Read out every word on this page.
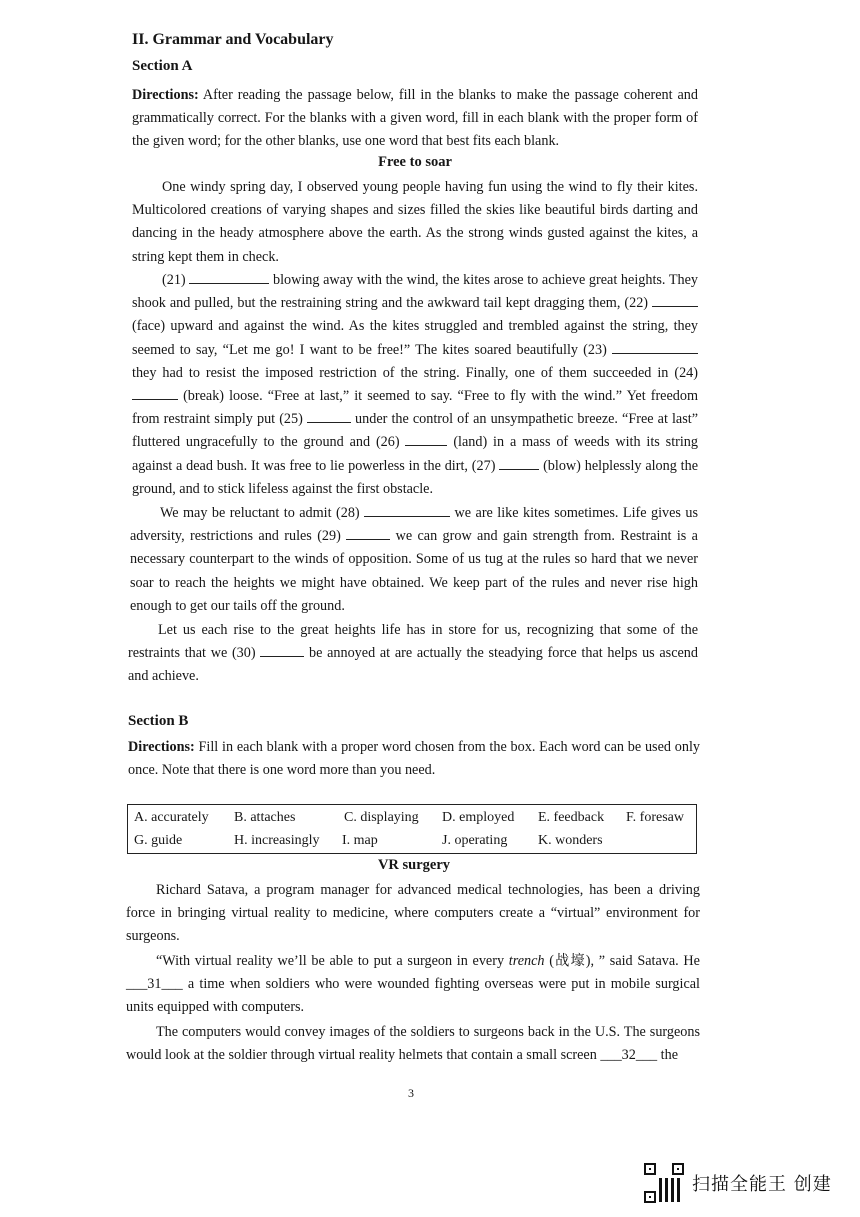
II. Grammar and Vocabulary
Section A
Directions: After reading the passage below, fill in the blanks to make the passage coherent and grammatically correct. For the blanks with a given word, fill in each blank with the proper form of the given word; for the other blanks, use one word that best fits each blank.
Free to soar
One windy spring day, I observed young people having fun using the wind to fly their kites. Multicolored creations of varying shapes and sizes filled the skies like beautiful birds darting and dancing in the heady atmosphere above the earth. As the strong winds gusted against the kites, a string kept them in check.
(21)	blowing away with the wind, the kites arose to achieve great heights. They shook and pulled, but the restraining string and the awkward tail kept dragging them, (22)  (face) upward and against the wind. As the kites struggled and trembled against the string, they seemed to say, “Let me go! I want to be free!” The kites soared beautifully (23)  they had to resist the imposed restriction of the string. Finally, one of them succeeded in (24)  (break) loose. “Free at last,” it seemed to say. “Free to fly with the wind.” Yet freedom from restraint simply put (25)	under the control of an unsympathetic breeze. “Free at last” fluttered ungracefully to the ground and (26)	(land) in a mass of weeds with its string against a dead bush. It was free to lie powerless in the dirt, (27)	(blow) helplessly along the ground, and to stick lifeless against the first obstacle.
We may be reluctant to admit (28)	we are like kites sometimes. Life gives us adversity, restrictions and rules (29)	we can grow and gain strength from. Restraint is a necessary counterpart to the winds of opposition. Some of us tug at the rules so hard that we never soar to reach the heights we might have obtained. We keep part of the rules and never rise high enough to get our tails off the ground.
Let us each rise to the great heights life has in store for us, recognizing that some of the restraints that we (30)	be annoyed at are actually the steadying force that helps us ascend and achieve.
Section B
Directions: Fill in each blank with a proper word chosen from the box. Each word can be used only once. Note that there is one word more than you need.
A. accurately B. attaches	C. displaying D. employed E. feedback F. foresaw
G. guide	H. increasingly I. map	J. operating K. wonders
VR surgery
Richard Satava, a program manager for advanced medical technologies, has been a driving force in bringing virtual reality to medicine, where computers create a “virtual” environment for surgeons.
“With virtual reality we’ll be able to put a surgeon in every trench (战壕), ” said Satava. He ___31___ a time when soldiers who were wounded fighting overseas were put in mobile surgical units equipped with computers.
The computers would convey images of the soldiers to surgeons back in the U.S. The surgeons would look at the soldier through virtual reality helmets that contain a small screen ___32___ the
3
扫描全能王 创建
